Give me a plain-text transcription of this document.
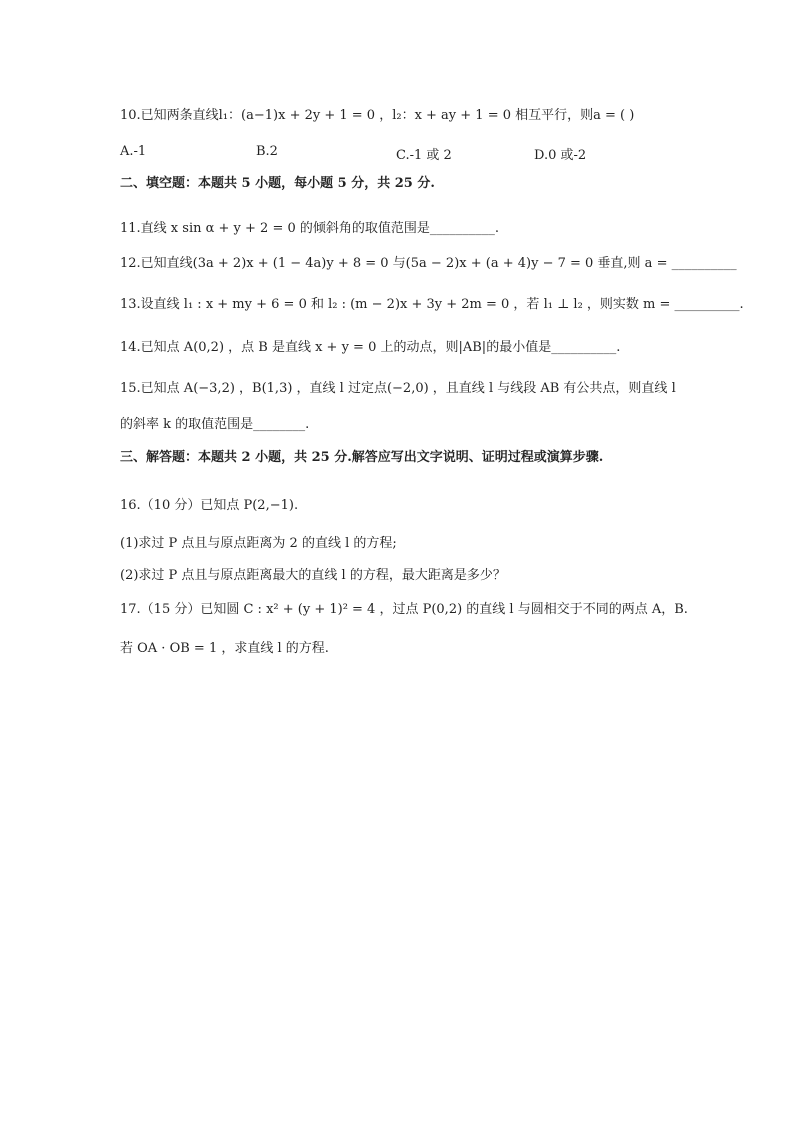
10.已知两条直线l₁：(a−1)x + 2y + 1 = 0 ，l₂：x + ay + 1 = 0 相互平行，则a = ( )
A.-1	B.2	C.-1 或 2	D.0 或-2
二、填空题：本题共 5 小题，每小题 5 分，共 25 分.
11.直线 x sin α + y + 2 = 0 的倾斜角的取值范围是__________.
12.已知直线(3a + 2)x + (1 − 4a)y + 8 = 0 与(5a − 2)x + (a + 4)y − 7 = 0 垂直,则 a = __________
13.设直线 l₁ : x + my + 6 = 0 和 l₂ : (m − 2)x + 3y + 2m = 0 ，若 l₁ ⊥ l₂ ，则实数 m = __________.
14.已知点 A(0,2) ，点 B 是直线 x + y = 0 上的动点，则|AB|的最小值是__________.
15.已知点 A(−3,2) ，B(1,3) ，直线 l 过定点(−2,0) ，且直线 l 与线段 AB 有公共点，则直线 l
的斜率 k 的取值范围是________.
三、解答题：本题共 2 小题，共 25 分.解答应写出文字说明、证明过程或演算步骤.
16.（10 分）已知点 P(2,−1).
(1)求过 P 点且与原点距离为 2 的直线 l 的方程;
(2)求过 P 点且与原点距离最大的直线 l 的方程，最大距离是多少？
17.（15 分）已知圆 C : x² + (y + 1)² = 4 ，过点 P(0,2) 的直线 l 与圆相交于不同的两点 A，B.
若 OA · OB = 1 ，求直线 l 的方程.
